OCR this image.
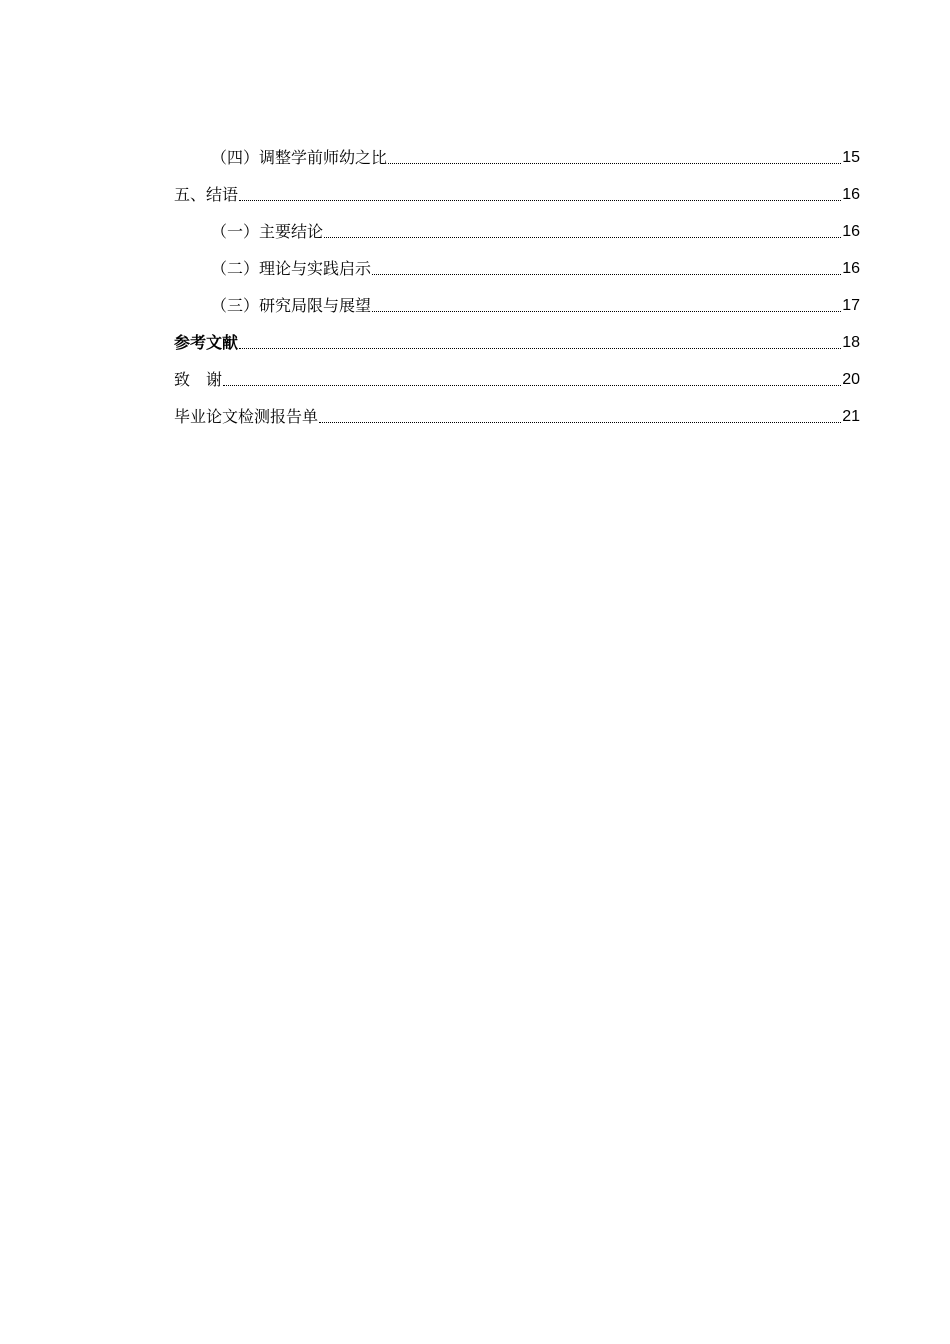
（四）调整学前师幼之比	15
五、结语	16
（一）主要结论	16
（二）理论与实践启示	16
（三）研究局限与展望	17
参考文献	18
致　谢	20
毕业论文检测报告单	21
